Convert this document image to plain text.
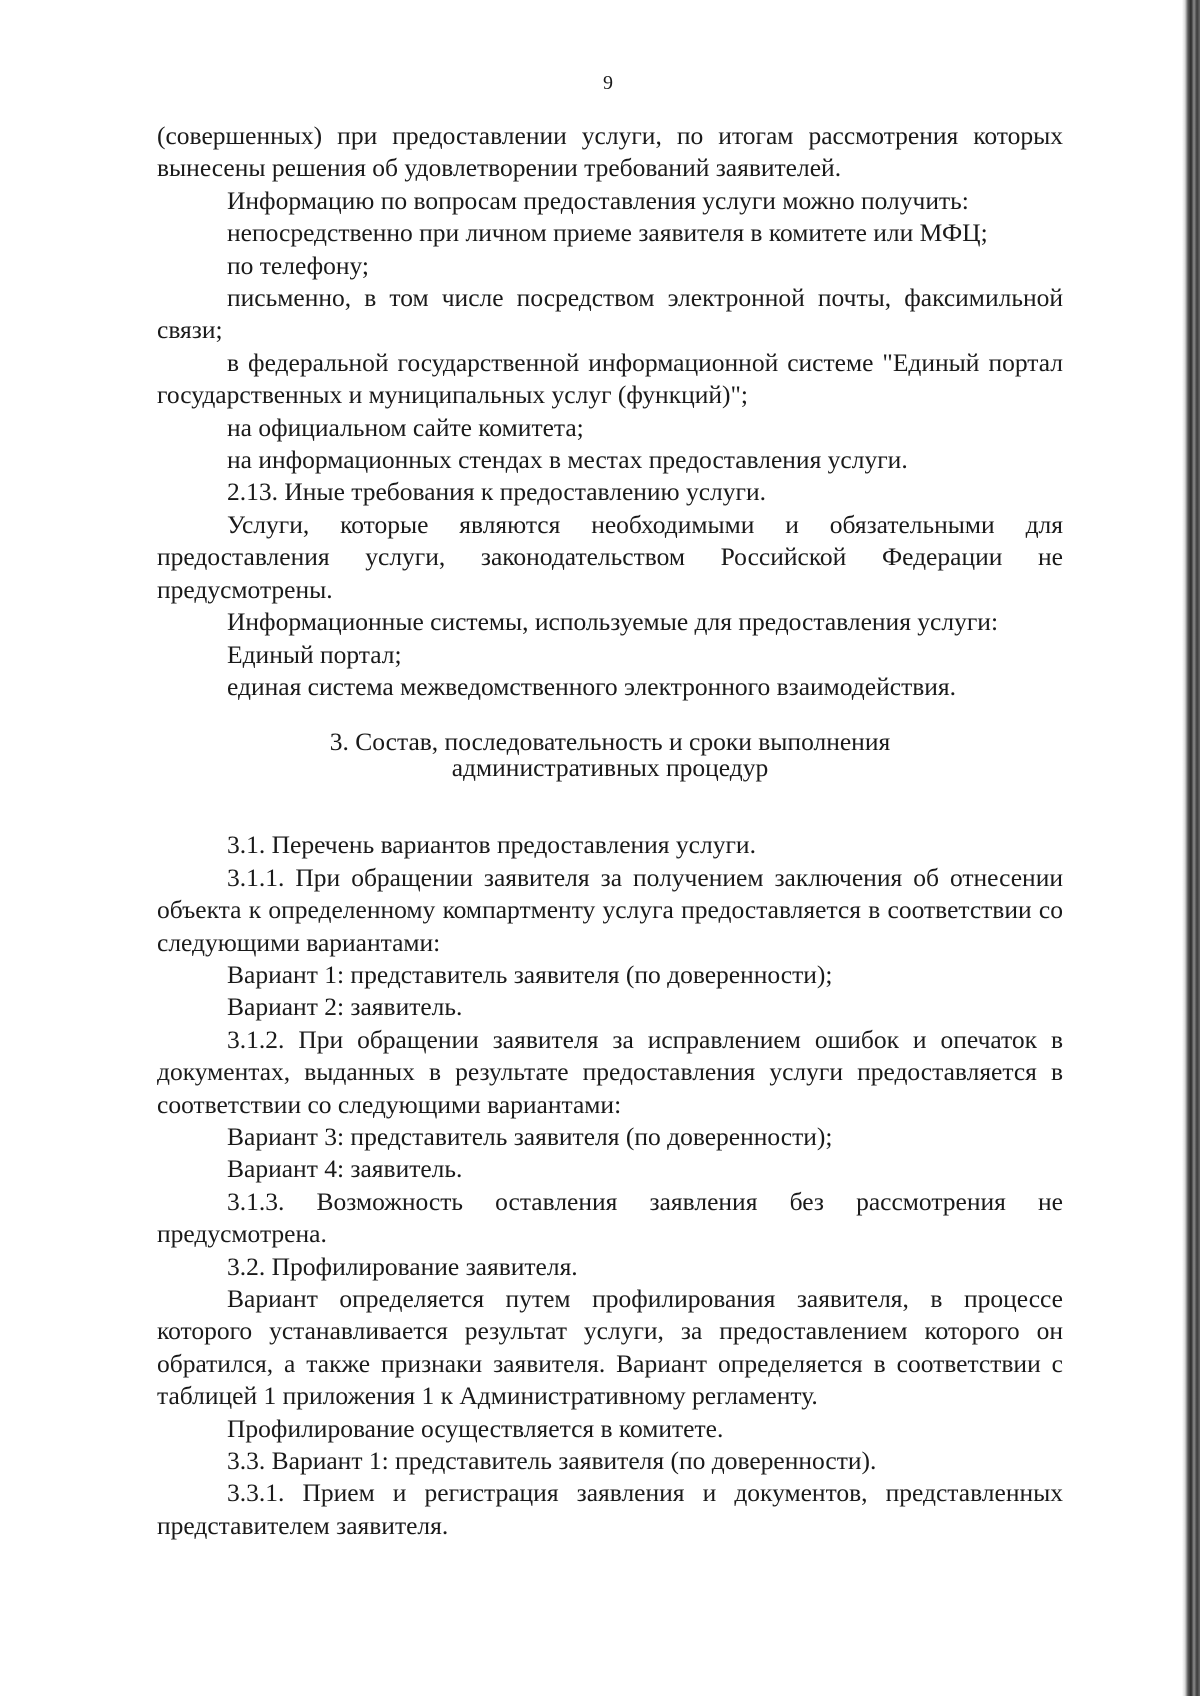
9

(совершенных) при предоставлении услуги, по итогам рассмотрения которых вынесены решения об удовлетворении требований заявителей.

Информацию по вопросам предоставления услуги можно получить:

непосредственно при личном приеме заявителя в комитете или МФЦ;

по телефону;

письменно, в том числе посредством электронной почты, факсимильной связи;

в федеральной государственной информационной системе "Единый портал государственных и муниципальных услуг (функций)";

на официальном сайте комитета;

на информационных стендах в местах предоставления услуги.

2.13. Иные требования к предоставлению услуги.

Услуги, которые являются необходимыми и обязательными для предоставления услуги, законодательством Российской Федерации не предусмотрены.

Информационные системы, используемые для предоставления услуги:

Единый портал;

единая система межведомственного электронного взаимодействия.

3. Состав, последовательность и сроки выполнения
административных процедур

3.1. Перечень вариантов предоставления услуги.

3.1.1. При обращении заявителя за получением заключения об отнесении объекта к определенному компартменту услуга предоставляется в соответствии со следующими вариантами:

Вариант 1: представитель заявителя (по доверенности);

Вариант 2: заявитель.

3.1.2. При обращении заявителя за исправлением ошибок и опечаток в документах, выданных в результате предоставления услуги предоставляется в соответствии со следующими вариантами:

Вариант 3: представитель заявителя (по доверенности);

Вариант 4: заявитель.

3.1.3. Возможность оставления заявления без рассмотрения не предусмотрена.

3.2. Профилирование заявителя.

Вариант определяется путем профилирования заявителя, в процессе которого устанавливается результат услуги, за предоставлением которого он обратился, а также признаки заявителя. Вариант определяется в соответствии с таблицей 1 приложения 1 к Административному регламенту.

Профилирование осуществляется в комитете.

3.3. Вариант 1: представитель заявителя (по доверенности).

3.3.1. Прием и регистрация заявления и документов, представленных представителем заявителя.
